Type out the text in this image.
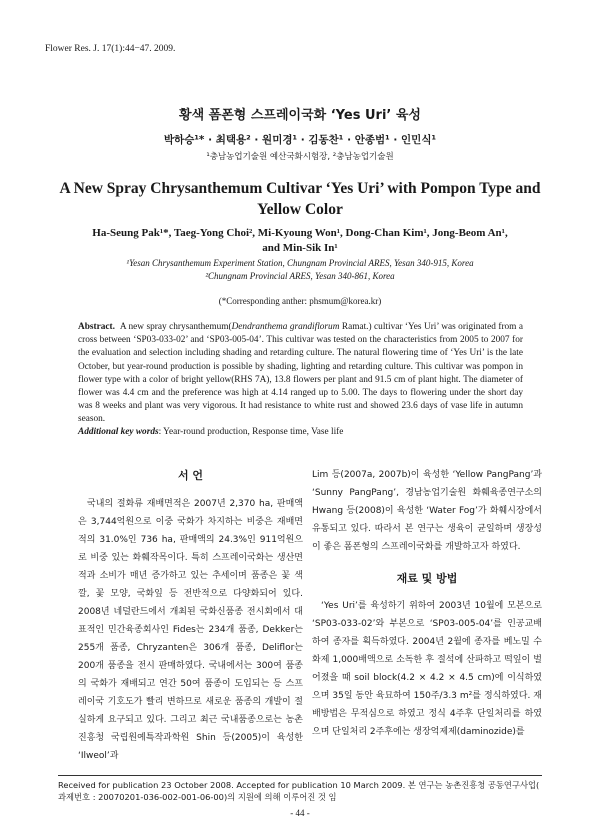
Flower Res. J. 17(1):44−47. 2009.
황색 폼폰형 스프레이국화 ‘Yes Uri’ 육성
박하승¹* · 최택용² · 원미경¹ · 김동찬¹ · 안종범¹ · 인민식¹
¹충남농업기술원 예산국화시험장, ²충남농업기술원
A New Spray Chrysanthemum Cultivar ‘Yes Uri’ with Pompon Type and Yellow Color
Ha-Seung Pak¹*, Taeg-Yong Choi², Mi-Kyoung Won¹, Dong-Chan Kim¹, Jong-Beom An¹,
and Min-Sik In¹
¹Yesan Chrysanthemum Experiment Station, Chungnam Provincial ARES, Yesan 340-915, Korea
²Chungnam Provincial ARES, Yesan 340-861, Korea
(*Corresponding anther: phsmum@korea.kr)
Abstract. A new spray chrysanthemum(Dendranthema grandiflorum Ramat.) cultivar ‘Yes Uri’ was originated from a cross between ‘SP03-033-02’ and ‘SP03-005-04’. This cultivar was tested on the characteristics from 2005 to 2007 for the evaluation and selection including shading and retarding culture. The natural flowering time of ‘Yes Uri’ is the late October, but year-round production is possible by shading, lighting and retarding culture. This cultivar was pompon in flower type with a color of bright yellow(RHS 7A), 13.8 flowers per plant and 91.5 cm of plant hight. The diameter of flower was 4.4 cm and the preference was high at 4.14 ranged up to 5.00. The days to flowering under the short day was 8 weeks and plant was very vigorous. It had resistance to white rust and showed 23.6 days of vase life in autumn season.
Additional key words: Year-round production, Response time, Vase life
서 언

국내의 절화류 재배면적은 2007년 2,370 ha, 판매액은 3,744억원으로 이중 국화가 차지하는 비중은 재배면적의 31.0%인 736 ha, 판매액의 24.3%인 911억원으로 비중 있는 화훼작목이다. 특히 스프레이국화는 생산면적과 소비가 매년 증가하고 있는 추세이며 품종은 꽃 색깔, 꽃 모양, 국화잎 등 전반적으로 다양화되어 있다. 2008년 네덜란드에서 개최된 국화신품종 전시회에서 대표적인 민간육종회사인 Fides는 234개 품종, Dekker는 255개 품종, Chryzanten은 306개 품종, Deliflor는 200개 품종을 전시 판매하였다. 국내에서는 300여 품종의 국화가 재배되고 연간 50여 품종이 도입되는 등 스프레이국 기호도가 빨리 변하므로 새로운 품종의 개발이 절실하게 요구되고 있다. 그리고 최근 국내품종으로는 농촌진흥청 국립원예특작과학원 Shin 등(2005)이 육성한 ‘Ilweol’과

Lim 등(2007a, 2007b)이 육성한 ‘Yellow PangPang’과 ‘Sunny PangPang’, 경남농업기술원 화훼육종연구소의 Hwang 등(2008)이 육성한 ‘Water Fog’가 화훼시장에서 유통되고 있다. 따라서 본 연구는 생육이 균일하며 생장성이 좋은 폼폰형의 스프레이국화를 개발하고자 하였다.

재료 및 방법

‘Yes Uri’를 육성하기 위하여 2003년 10월에 모본으로 ‘SP03-033-02’와 부본으로 ‘SP03-005-04’를 인공교배하여 종자를 획득하였다. 2004년 2월에 종자를 베노밀 수화제 1,000배액으로 소독한 후 절석에 산파하고 떡잎이 벌어졌을 때 soil block(4.2 × 4.2 × 4.5 cm)에 이식하였으며 35일 동안 육묘하여 150주/3.3 m²를 정식하였다. 재배방법은 무적심으로 하였고 정식 4주후 단일처리를 하였으며 단일처리 2주후에는 생장억제제(daminozide)를

Received for publication 23 October 2008. Accepted for publication 10 March 2009. 본 연구는 농촌진흥청 공동연구사업(
과제번호 : 20070201-036-002-001-06-00)의 지원에 의해 이루어진 것 임
- 44 -
